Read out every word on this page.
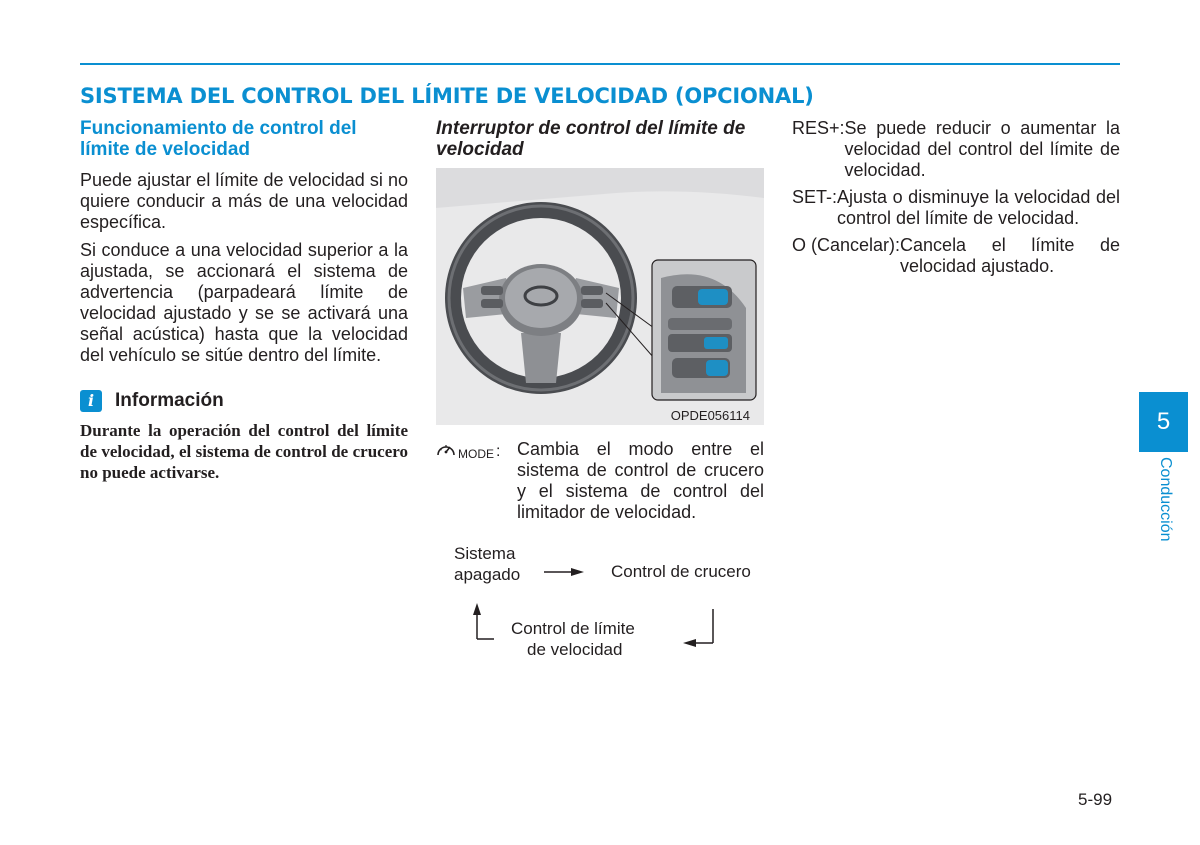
SISTEMA DEL CONTROL DEL LÍMITE DE VELOCIDAD (OPCIONAL)
Funcionamiento de control del límite de velocidad

Puede ajustar el límite de velocidad si no quiere conducir a más de una velocidad específica.

Si conduce a una velocidad superior a la ajustada, se accionará el sistema de advertencia (parpadeará límite de velocidad ajustado y se se activará una señal acústica) hasta que la velocidad del vehículo se sitúe dentro del límite.

i	Información

Durante la operación del control del límite de velocidad, el sistema de control de crucero no puede activarse.

Interruptor de control del límite de velocidad
OPDE056114
MODE : Cambia el modo entre el sistema de control de crucero y el sistema de control del limitador de velocidad.
Sistema
apagado	Control de crucero
Control de límite
de velocidad
RES+: Se puede reducir o aumentar la velocidad del control del límite de velocidad.
SET-: Ajusta o disminuye la velocidad del control del límite de velocidad.
O (Cancelar): Cancela el límite de velocidad ajustado.
5
Conducción
5-99
